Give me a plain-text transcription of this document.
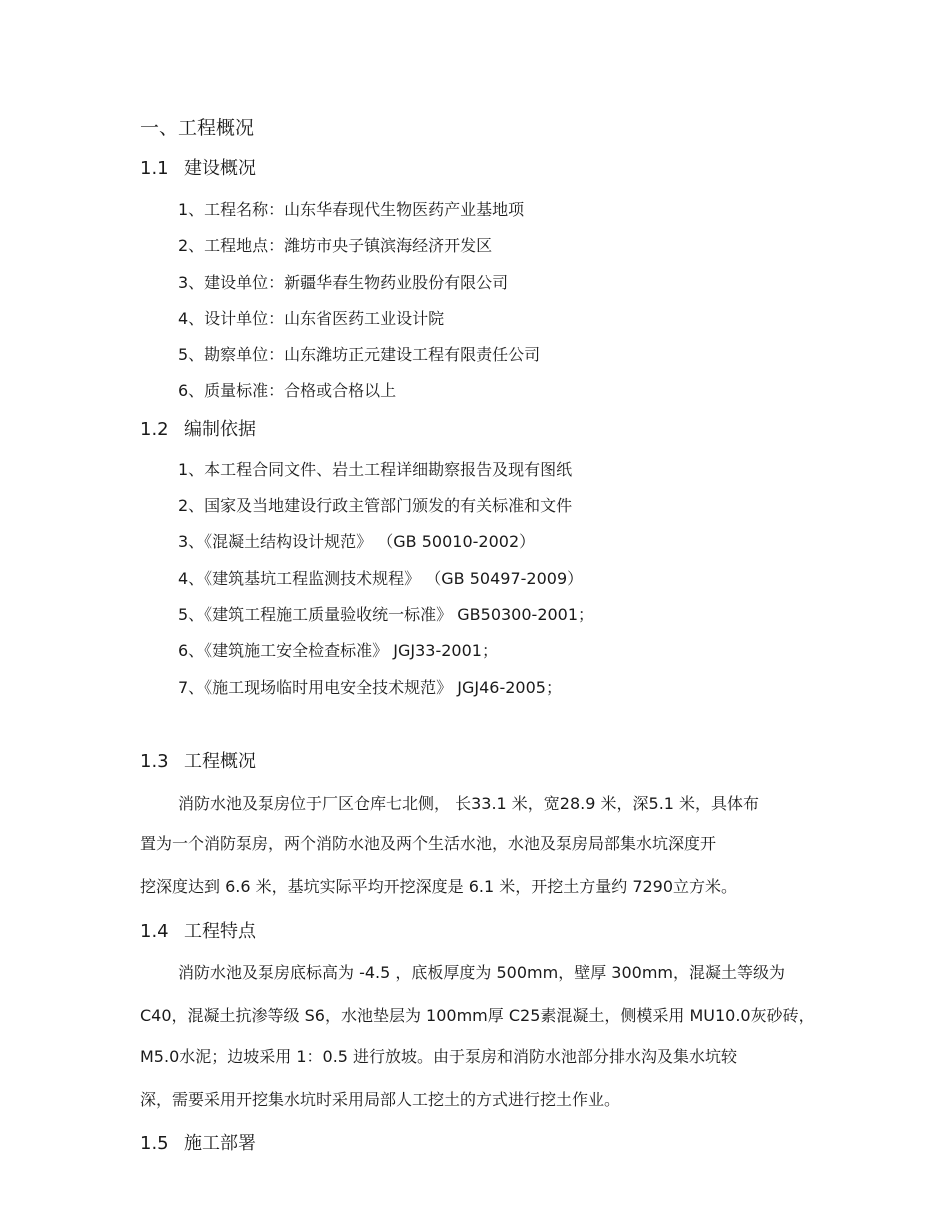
一、工程概况
1.1 建设概况
1、工程名称：山东华春现代生物医药产业基地项
2、工程地点：潍坊市央子镇滨海经济开发区
3、建设单位：新疆华春生物药业股份有限公司
4、设计单位：山东省医药工业设计院
5、勘察单位：山东潍坊正元建设工程有限责任公司
6、质量标准：合格或合格以上
1.2 编制依据
1、本工程合同文件、岩土工程详细勘察报告及现有图纸
2、国家及当地建设行政主管部门颁发的有关标准和文件
3、《混凝土结构设计规范》 （GB 50010-2002）
4、《建筑基坑工程监测技术规程》 （GB 50497-2009）
5、《建筑工程施工质量验收统一标准》 GB50300-2001；
6、《建筑施工安全检查标准》 JGJ33-2001；
7、《施工现场临时用电安全技术规范》 JGJ46-2005；
1.3 工程概况
消防水池及泵房位于厂区仓库七北侧， 长33.1 米，宽28.9 米，深5.1 米，具体布
置为一个消防泵房，两个消防水池及两个生活水池，水池及泵房局部集水坑深度开
挖深度达到 6.6 米，基坑实际平均开挖深度是 6.1 米，开挖土方量约 7290立方米。
1.4 工程特点
消防水池及泵房底标高为 -4.5 ，底板厚度为 500mm，壁厚 300mm，混凝土等级为
C40，混凝土抗渗等级 S6，水池垫层为 100mm厚 C25素混凝土，侧模采用 MU10.0灰砂砖，
M5.0水泥；边坡采用 1：0.5 进行放坡。由于泵房和消防水池部分排水沟及集水坑较
深，需要采用开挖集水坑时采用局部人工挖土的方式进行挖土作业。
1.5 施工部署
